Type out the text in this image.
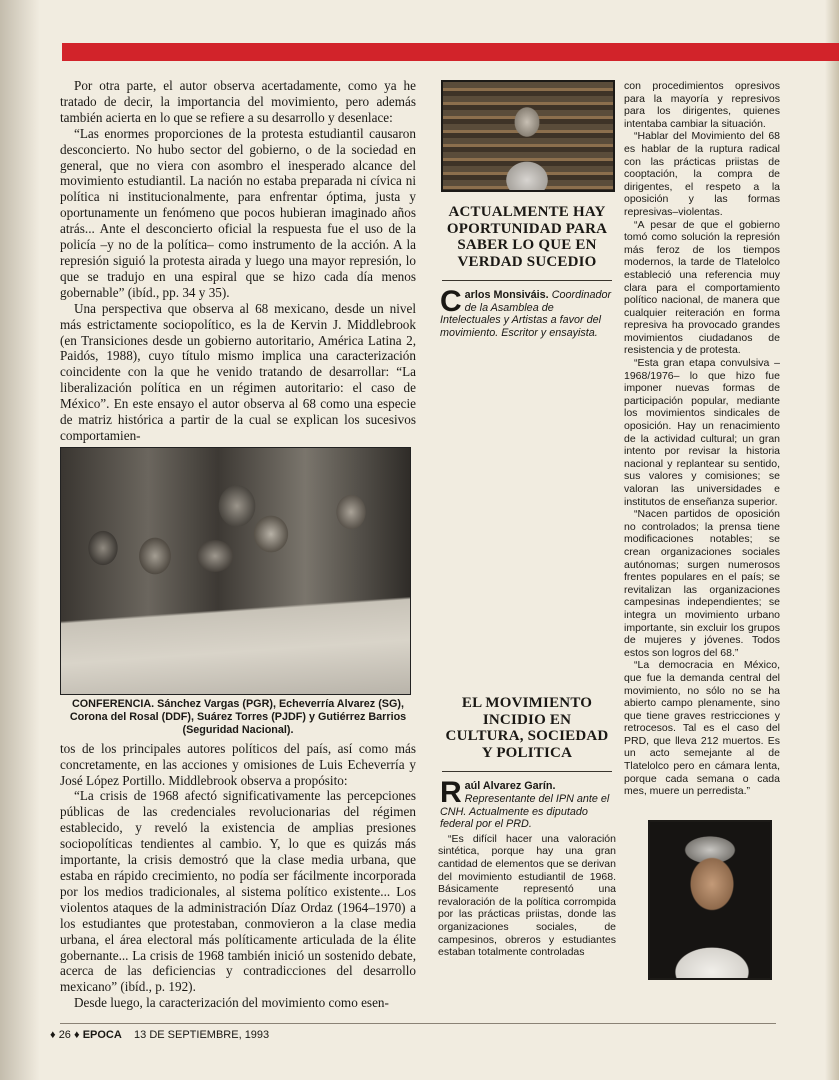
Por otra parte, el autor observa acertadamente, como ya he tratado de decir, la importancia del movimiento, pero además también acierta en lo que se refiere a su desarrollo y desenlace:

“Las enormes proporciones de la protesta estudiantil causaron desconcierto. No hubo sector del gobierno, o de la sociedad en general, que no viera con asombro el inesperado alcance del movimiento estudiantil. La nación no estaba preparada ni cívica ni política ni institucionalmente, para enfrentar óptima, justa y oportunamente un fenómeno que pocos hubieran imaginado años atrás... Ante el desconcierto oficial la respuesta fue el uso de la policía –y no de la política– como instrumento de la acción. A la represión siguió la protesta airada y luego una mayor represión, lo que se tradujo en una espiral que se hizo cada día menos gobernable” (ibíd., pp. 34 y 35).

Una perspectiva que observa al 68 mexicano, desde un nivel más estrictamente sociopolítico, es la de Kervin J. Middlebrook (en Transiciones desde un gobierno autoritario, América Latina 2, Paidós, 1988), cuyo título mismo implica una caracterización coincidente con la que he venido tratando de desarrollar: “La liberalización política en un régimen autoritario: el caso de México”. En este ensayo el autor observa al 68 como una especie de matriz histórica a partir de la cual se explican los sucesivos comportamien-

CONFERENCIA. Sánchez Vargas (PGR), Echeverría Alvarez (SG), Corona del Rosal (DDF), Suárez Torres (PJDF) y Gutiérrez Barrios (Seguridad Nacional).

tos de los principales autores políticos del país, así como más concretamente, en las acciones y omisiones de Luis Echeverría y José López Portillo. Middlebrook observa a propósito:

“La crisis de 1968 afectó significativamente las percepciones públicas de las credenciales revolucionarias del régimen establecido, y reveló la existencia de amplias presiones sociopolíticas tendientes al cambio. Y, lo que es quizás más importante, la crisis demostró que la clase media urbana, que estaba en rápido crecimiento, no podía ser fácilmente incorporada por los medios tradicionales, al sistema político existente... Los violentos ataques de la administración Díaz Ordaz (1964–1970) a los estudiantes que protestaban, conmovieron a la clase media urbana, el área electoral más políticamente articulada de la élite gobernante... La crisis de 1968 también inició un sostenido debate, acerca de las deficiencias y contradicciones del desarrollo mexicano” (ibíd., p. 192).

Desde luego, la caracterización del movimiento como esen-

ACTUALMENTE HAY OPORTUNIDAD PARA SABER LO QUE EN VERDAD SUCEDIO

Carlos Monsiváis. Coordinador de la Asamblea de Intelectuales y Artistas a favor del movimiento. Escritor y ensayista.

EL MOVIMIENTO INCIDIO EN CULTURA, SOCIEDAD Y POLITICA

Raúl Alvarez Garín. Representante del IPN ante el CNH. Actualmente es diputado federal por el PRD.

“Es difícil hacer una valoración sintética, porque hay una gran cantidad de elementos que se derivan del movimiento estudiantil de 1968. Básicamente representó una revaloración de la política corrompida por las prácticas priistas, donde las organizaciones sociales, de campesinos, obreros y estudiantes estaban totalmente controladas

con procedimientos opresivos para la mayoría y represivos para los dirigentes, quienes intentaba cambiar la situación.

“Hablar del Movimiento del 68 es hablar de la ruptura radical con las prácticas priistas de cooptación, la compra de dirigentes, el respeto a la oposición y las formas represivas–violentas.

“A pesar de que el gobierno tomó como solución la represión más feroz de los tiempos modernos, la tarde de Tlatelolco estableció una referencia muy clara para el comportamiento político nacional, de manera que cualquier reiteración en forma represiva ha provocado grandes movimientos ciudadanos de resistencia y de protesta.

“Esta gran etapa convulsiva –1968/1976– lo que hizo fue imponer nuevas formas de participación popular, mediante los movimientos sindicales de oposición. Hay un renacimiento de la actividad cultural; un gran intento por revisar la historia nacional y replantear su sentido, sus valores y comisiones; se valoran las universidades e institutos de enseñanza superior.

“Nacen partidos de oposición no controlados; la prensa tiene modificaciones notables; se crean organizaciones sociales autónomas; surgen numerosos frentes populares en el país; se revitalizan las organizaciones campesinas independientes; se integra un movimiento urbano importante, sin excluir los grupos de mujeres y jóvenes. Todos estos son logros del 68.”

“La democracia en México, que fue la demanda central del movimiento, no sólo no se ha abierto campo plenamente, sino que tiene graves restricciones y retrocesos. Tal es el caso del PRD, que lleva 212 muertos. Es un acto semejante al de Tlatelolco pero en cámara lenta, porque cada semana o cada mes, muere un perredista.”

♦ 26 ♦ EPOCA 13 DE SEPTIEMBRE, 1993
